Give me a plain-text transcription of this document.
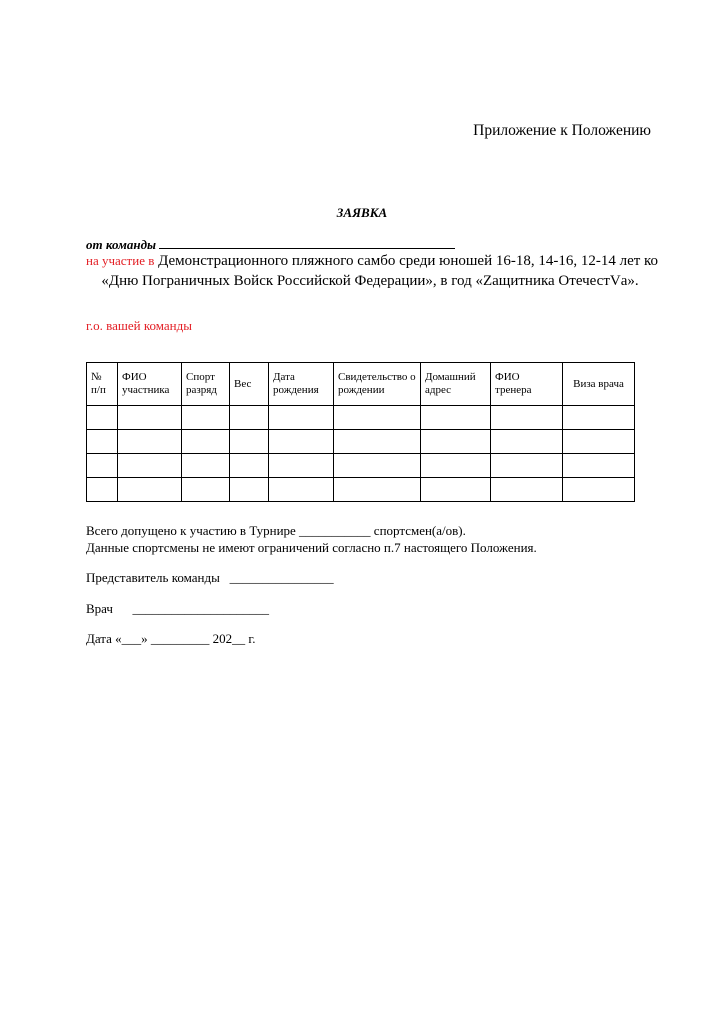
Приложение к Положению
ЗАЯВКА
от команды
на участие в Демонстрационного пляжного самбо среди юношей 16-18, 14-16, 12-14 лет ко
«Дню Пограничных Войск Российской Федерации», в год «Zащитника ОтечестVа».
г.о. вашей команды
№ п/п	ФИО участника	Спорт разряд	Вес	Дата рождения	Свидетельство о рождении	Домашний адрес	ФИО тренера	Виза врача

Всего допущено к участию в Турнире ___________ спортсмен(а/ов).
Данные спортсмены не имеют ограничений согласно п.7 настоящего Положения.
Представитель команды ________________
Врач _____________________
Дата «___» _________ 202__ г.
